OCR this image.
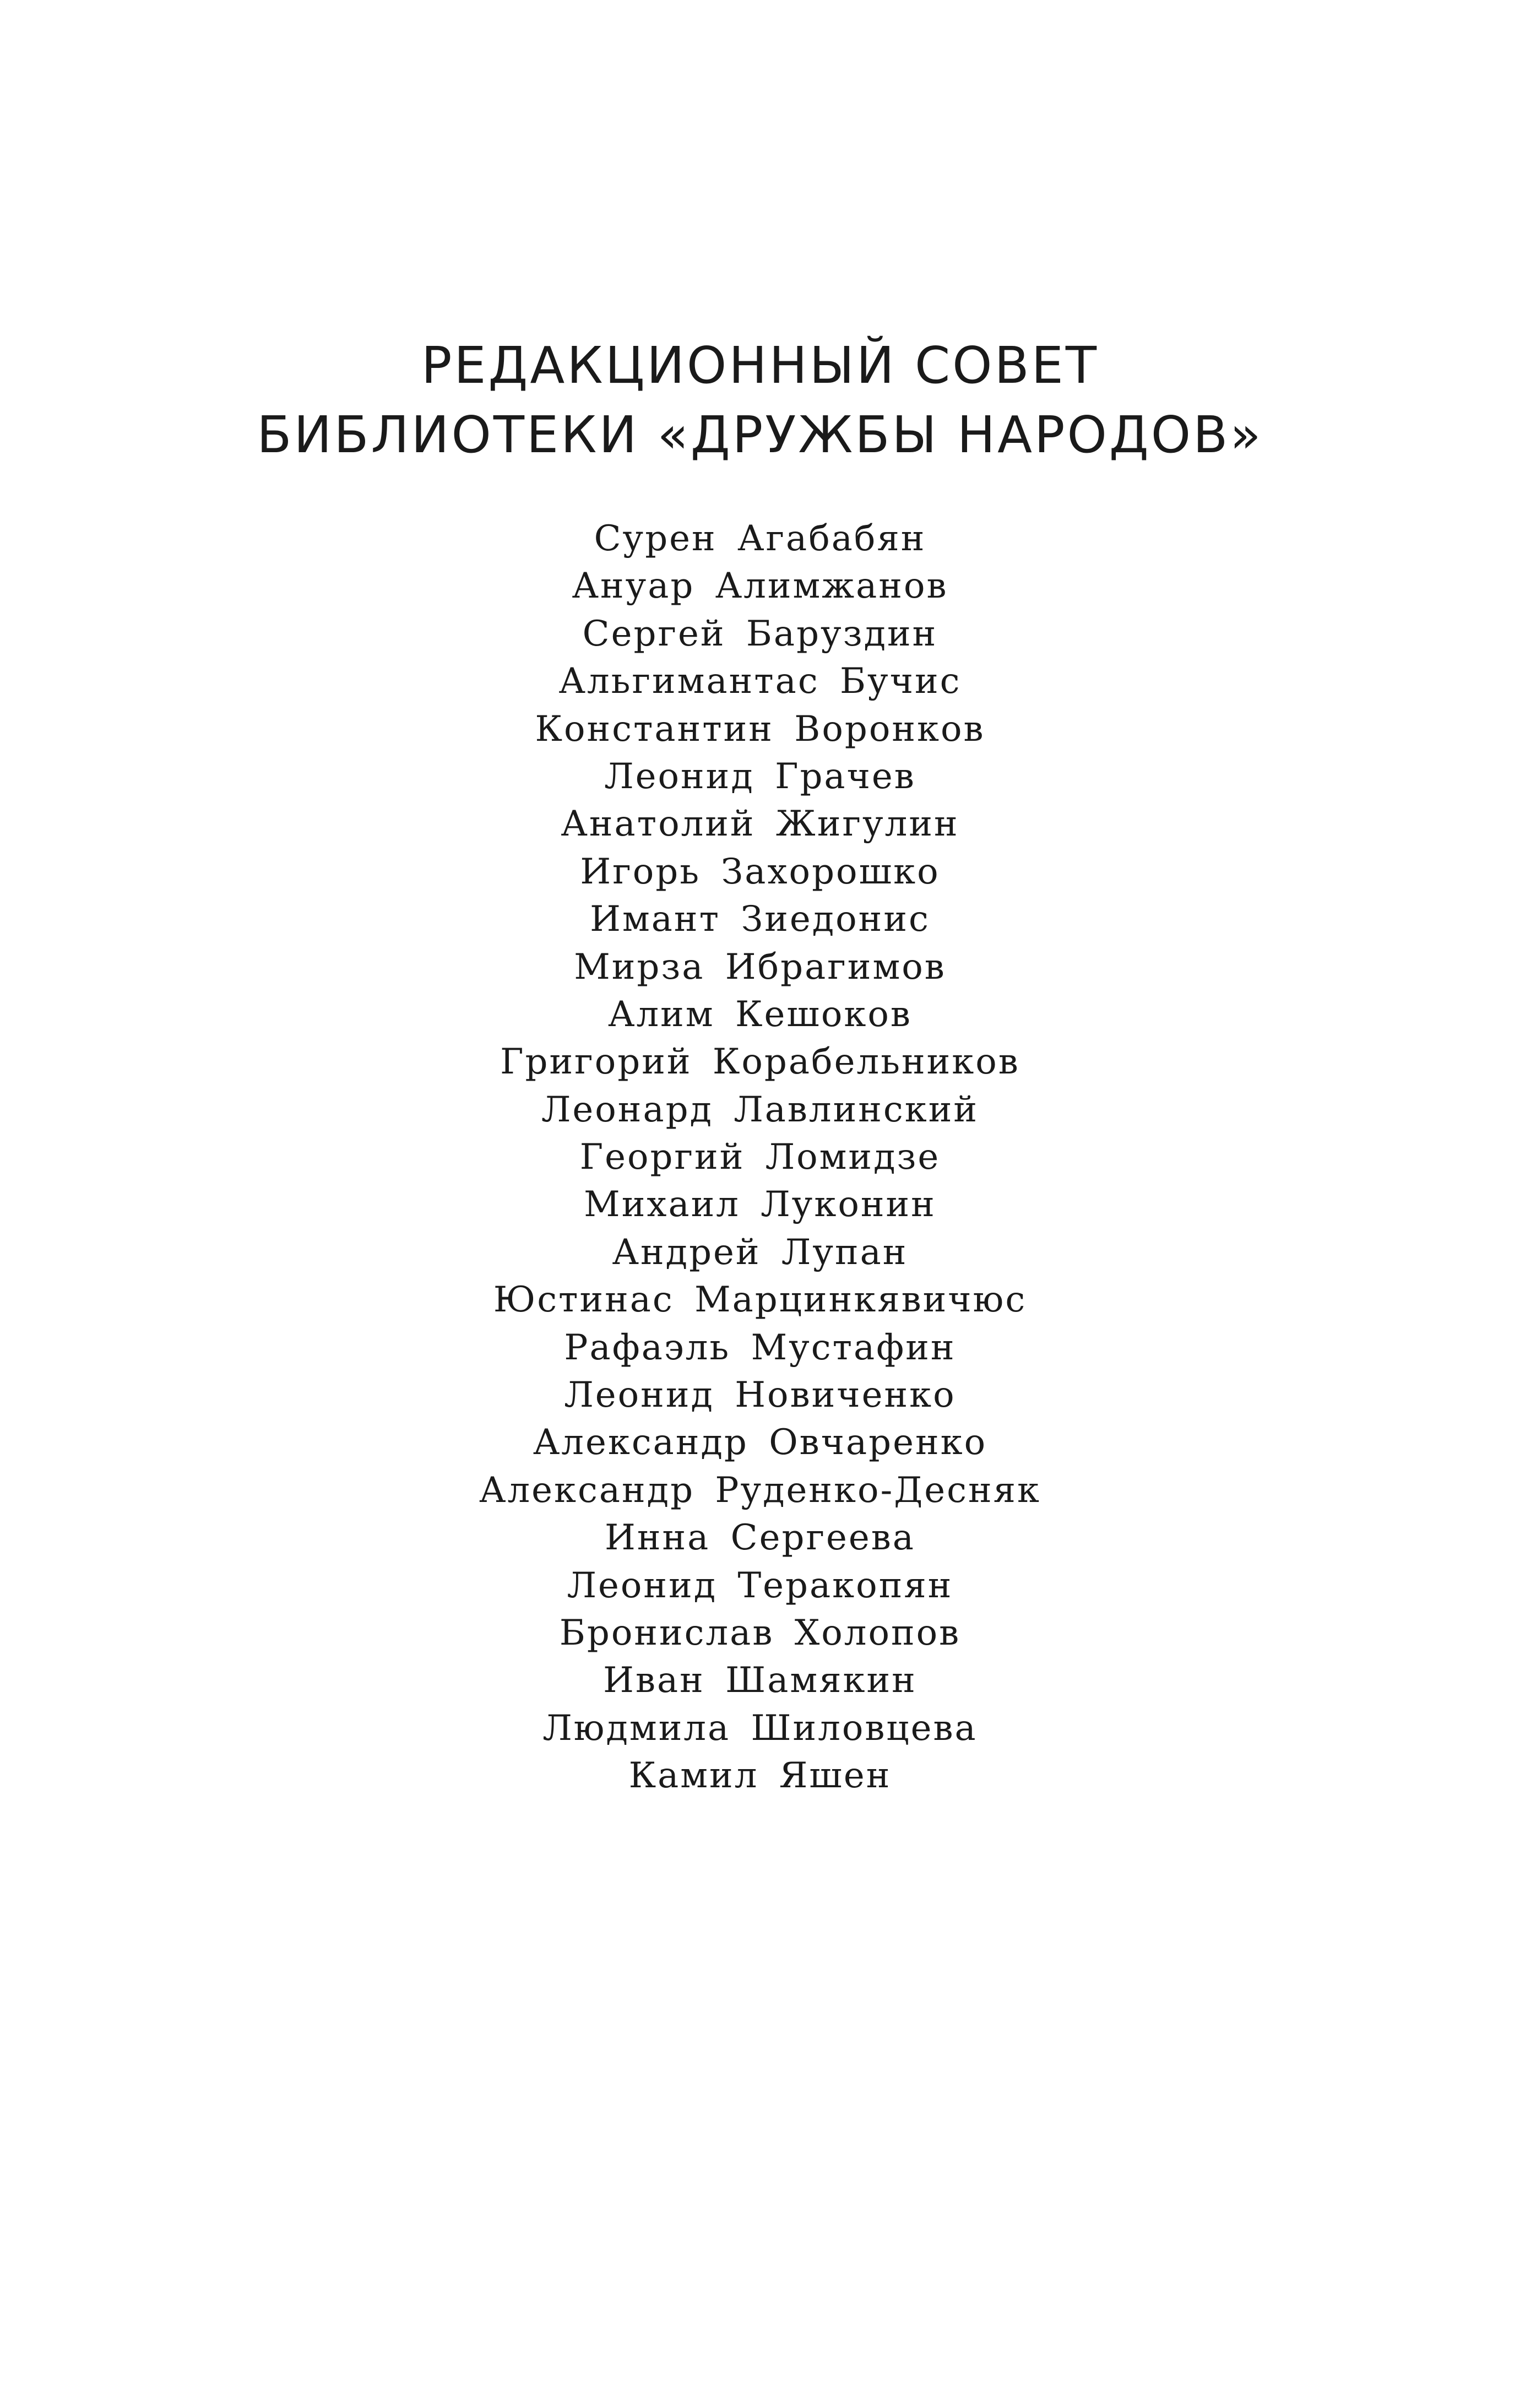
РЕДАКЦИОННЫЙ СОВЕТ
БИБЛИОТЕКИ «ДРУЖБЫ НАРОДОВ»
Сурен Агабабян
Ануар Алимжанов
Сергей Баруздин
Альгимантас Бучис
Константин Воронков
Леонид Грачев
Анатолий Жигулин
Игорь Захорошко
Имант Зиедонис
Мирза Ибрагимов
Алим Кешоков
Григорий Корабельников
Леонард Лавлинский
Георгий Ломидзе
Михаил Луконин
Андрей Лупан
Юстинас Марцинкявичюс
Рафаэль Мустафин
Леонид Новиченко
Александр Овчаренко
Александр Руденко-Десняк
Инна Сергеева
Леонид Теракопян
Бронислав Холопов
Иван Шамякин
Людмила Шиловцева
Камил Яшен
